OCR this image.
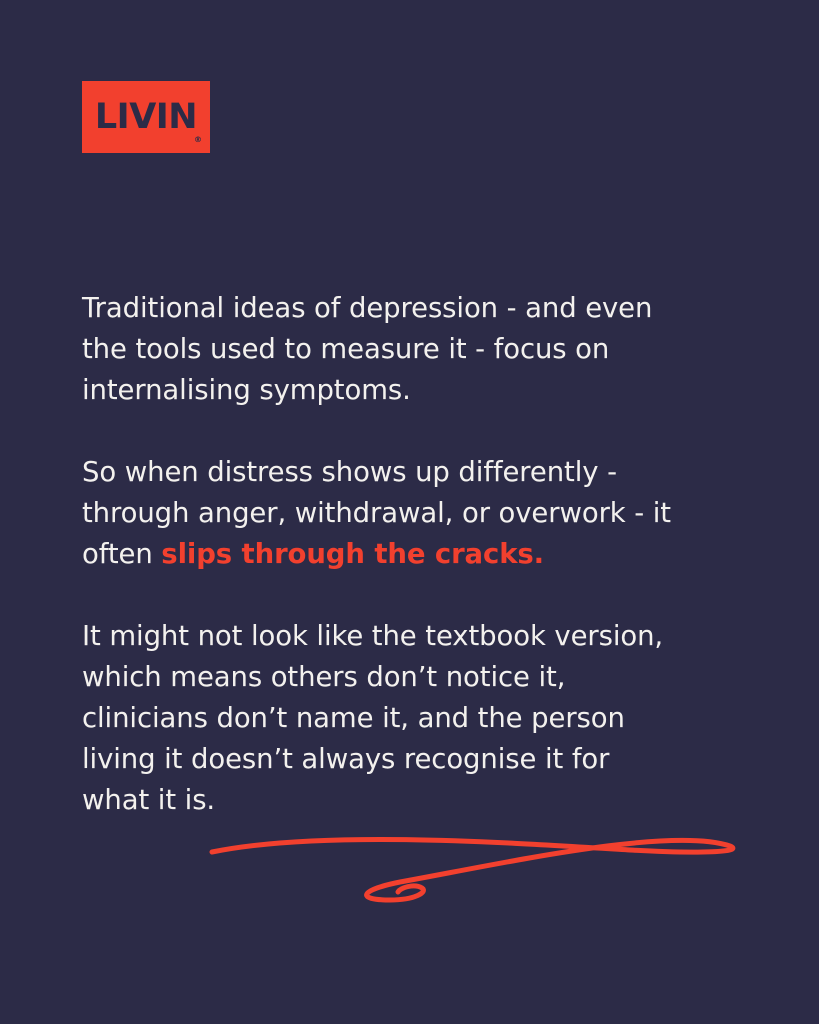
LIVIN
®

Traditional ideas of depression - and even the tools used to measure it - focus on internalising symptoms.

So when distress shows up differently - through anger, withdrawal, or overwork - it often slips through the cracks.

It might not look like the textbook version, which means others don’t notice it, clinicians don’t name it, and the person living it doesn’t always recognise it for what it is.
